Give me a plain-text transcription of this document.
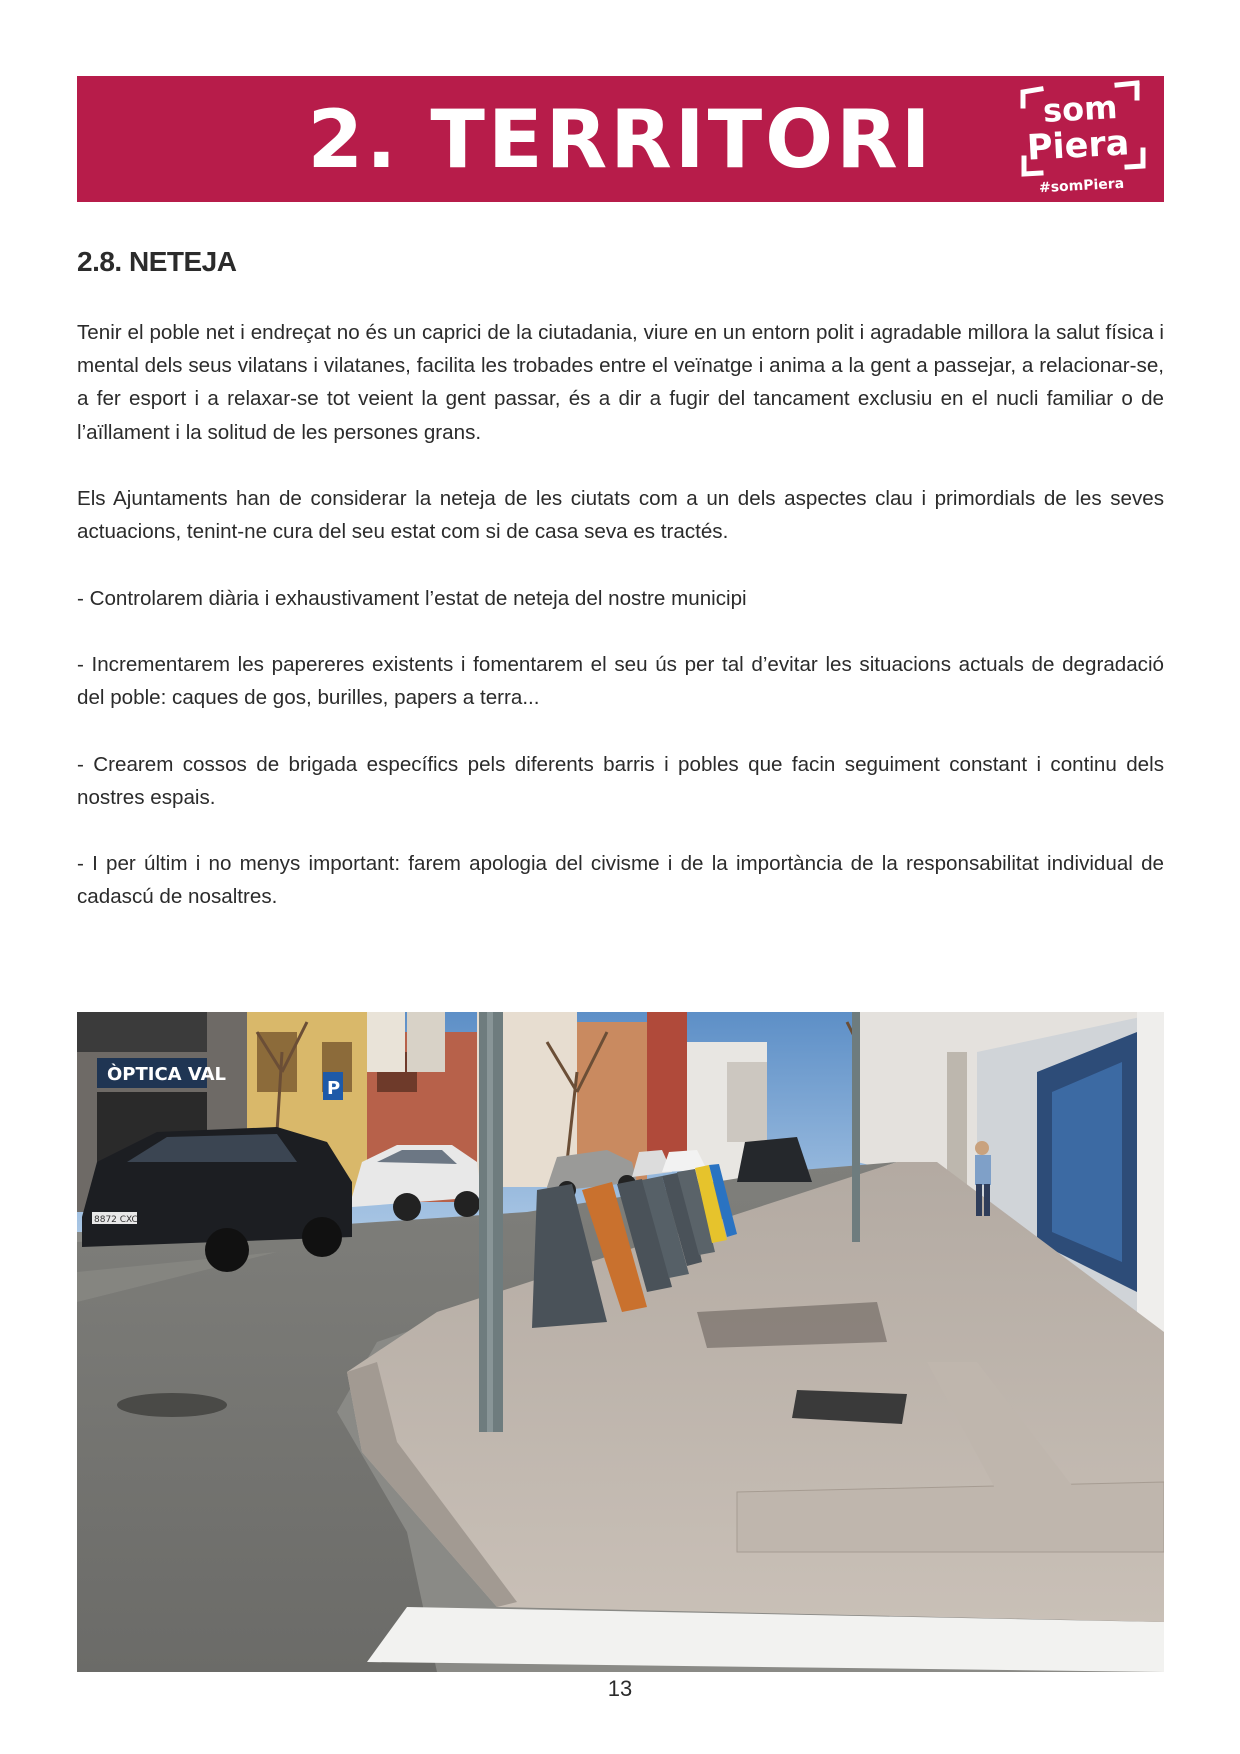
2. TERRITORI	som
Piera
#somPiera
2.8. NETEJA

Tenir el poble net i endreçat no és un caprici de la ciutadania, viure en un entorn polit i agradable millora la salut física i mental dels seus vilatans i vilatanes, facilita les trobades entre el veïnatge i anima a la gent a passejar, a relacionar-se, a fer esport i a relaxar-se tot veient la gent passar, és a dir a fugir del tancament exclusiu en el nucli familiar o de l’aïllament i la solitud de les persones grans.

Els Ajuntaments han de considerar la neteja de les ciutats com a un dels aspectes clau i primordials de les seves actuacions, tenint-ne cura del seu estat com si de casa seva es tractés.

- Controlarem diària i exhaustivament l’estat de neteja del nostre municipi

- Incrementarem les papereres existents i fomentarem el seu ús per tal d’evitar les situacions actuals de degradació del poble: caques de gos, burilles, papers a terra...

- Crearem cossos de brigada específics pels diferents barris i pobles que facin seguiment constant i continu dels nostres espais.

- I per últim i no menys important: farem apologia del civisme i de la importància de la responsabilitat individual de cadascú de nosaltres.

ÒPTICA VAL
P
8872 CXC
13
